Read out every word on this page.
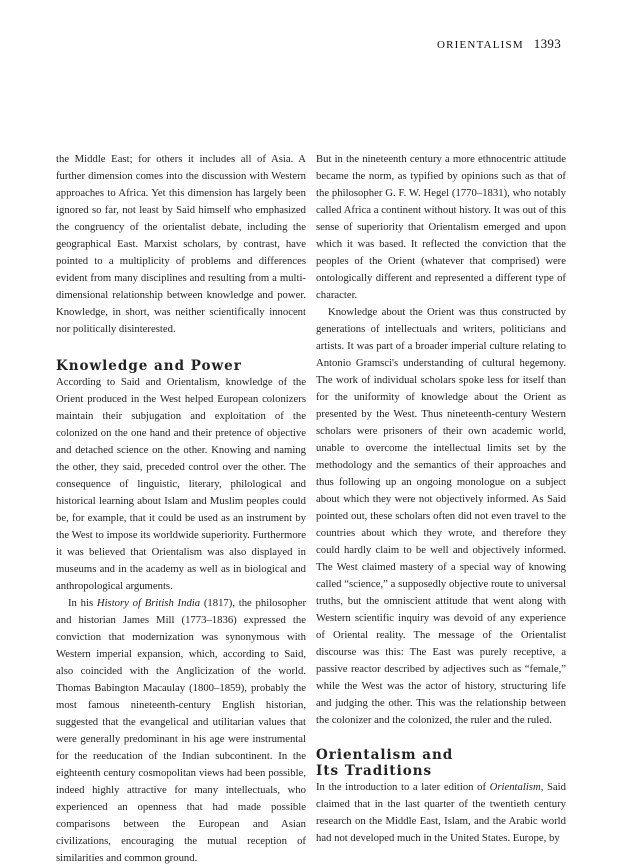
ORIENTALISM 1393

the Middle East; for others it includes all of Asia. A further dimension comes into the discussion with Western approaches to Africa. Yet this dimension has largely been ignored so far, not least by Said himself who emphasized the congruency of the orientalist debate, including the geographical East. Marxist scholars, by contrast, have pointed to a multiplicity of problems and differences evident from many disciplines and resulting from a multi-dimensional relationship between knowledge and power. Knowledge, in short, was neither scientifically innocent nor politically disinterested.

Knowledge and Power

According to Said and Orientalism, knowledge of the Orient produced in the West helped European colonizers maintain their subjugation and exploitation of the colonized on the one hand and their pretence of objective and detached science on the other. Knowing and naming the other, they said, preceded control over the other. The consequence of linguistic, literary, philological and historical learning about Islam and Muslim peoples could be, for example, that it could be used as an instrument by the West to impose its worldwide superiority. Furthermore it was believed that Orientalism was also displayed in museums and in the academy as well as in biological and anthropological arguments.

In his History of British India (1817), the philosopher and historian James Mill (1773–1836) expressed the conviction that modernization was synonymous with Western imperial expansion, which, according to Said, also coincided with the Anglicization of the world. Thomas Babington Macaulay (1800–1859), probably the most famous nineteenth-century English historian, suggested that the evangelical and utilitarian values that were generally predominant in his age were instrumental for the reeducation of the Indian subcontinent. In the eighteenth century cosmopolitan views had been possible, indeed highly attractive for many intellectuals, who experienced an openness that had made possible comparisons between the European and Asian civilizations, encouraging the mutual reception of similarities and common ground.

But in the nineteenth century a more ethnocentric attitude became the norm, as typified by opinions such as that of the philosopher G. F. W. Hegel (1770–1831), who notably called Africa a continent without history. It was out of this sense of superiority that Orientalism emerged and upon which it was based. It reflected the conviction that the peoples of the Orient (whatever that comprised) were ontologically different and represented a different type of character.

Knowledge about the Orient was thus constructed by generations of intellectuals and writers, politicians and artists. It was part of a broader imperial culture relating to Antonio Gramsci's understanding of cultural hegemony. The work of individual scholars spoke less for itself than for the uniformity of knowledge about the Orient as presented by the West. Thus nineteenth-century Western scholars were prisoners of their own academic world, unable to overcome the intellectual limits set by the methodology and the semantics of their approaches and thus following up an ongoing monologue on a subject about which they were not objectively informed. As Said pointed out, these scholars often did not even travel to the countries about which they wrote, and therefore they could hardly claim to be well and objectively informed. The West claimed mastery of a special way of knowing called “science,” a supposedly objective route to universal truths, but the omniscient attitude that went along with Western scientific inquiry was devoid of any experience of Oriental reality. The message of the Orientalist discourse was this: The East was purely receptive, a passive reactor described by adjectives such as “female,” while the West was the actor of history, structuring life and judging the other. This was the relationship between the colonizer and the colonized, the ruler and the ruled.

Orientalism and
Its Traditions

In the introduction to a later edition of Orientalism, Said claimed that in the last quarter of the twentieth century research on the Middle East, Islam, and the Arabic world had not developed much in the United States. Europe, by
